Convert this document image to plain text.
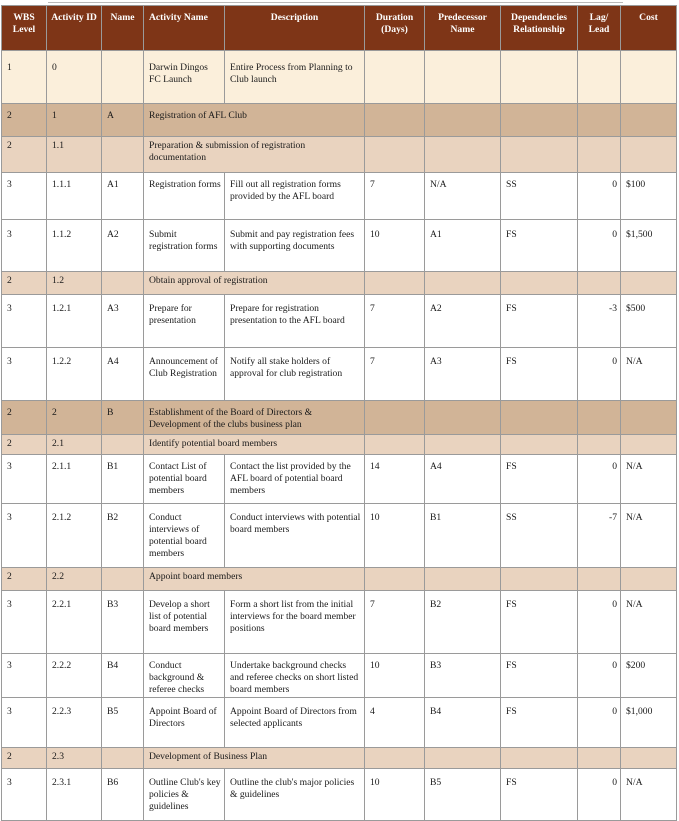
WBS Level	Activity ID	Name	Activity Name	Description	Duration (Days)	Predecessor Name	Dependencies Relationship	Lag/ Lead	Cost
1	0		Darwin Dingos FC Launch	Entire Process from Planning to Club launch					
2	1	A	Registration of AFL Club						
2	1.1		Preparation & submission of registration documentation						
3	1.1.1	A1	Registration forms	Fill out all registration forms provided by the AFL board	7	N/A	SS	0	$100
3	1.1.2	A2	Submit registration forms	Submit and pay registration fees with supporting documents	10	A1	FS	0	$1,500
2	1.2		Obtain approval of registration						
3	1.2.1	A3	Prepare for presentation	Prepare for registration presentation to the AFL board	7	A2	FS	-3	$500
3	1.2.2	A4	Announcement of Club Registration	Notify all stake holders of approval for club registration	7	A3	FS	0	N/A
2	2	B	Establishment of the Board of Directors & Development of the clubs business plan						
2	2.1		Identify potential board members						
3	2.1.1	B1	Contact List of potential board members	Contact the list provided by the AFL board of potential board members	14	A4	FS	0	N/A
3	2.1.2	B2	Conduct interviews of potential board members	Conduct interviews with potential board members	10	B1	SS	-7	N/A
2	2.2		Appoint board members						
3	2.2.1	B3	Develop a short list of potential board members	Form a short list from the initial interviews for the board member positions	7	B2	FS	0	N/A
3	2.2.2	B4	Conduct background & referee checks	Undertake background checks and referee checks on short listed board members	10	B3	FS	0	$200
3	2.2.3	B5	Appoint Board of Directors	Appoint Board of Directors from selected applicants	4	B4	FS	0	$1,000
2	2.3		Development of Business Plan						
3	2.3.1	B6	Outline Club's key policies & guidelines	Outline the club's major policies & guidelines	10	B5	FS	0	N/A
